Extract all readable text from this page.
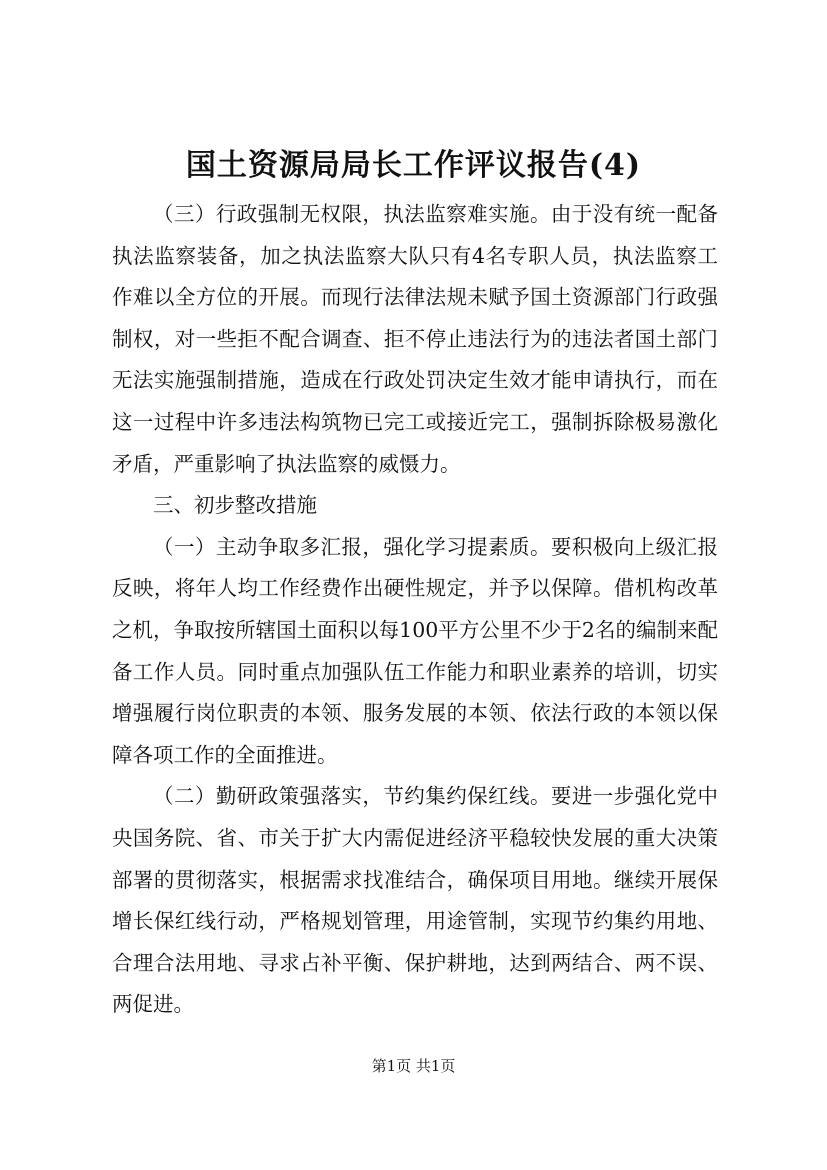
国土资源局局长工作评议报告(4)

（三）行政强制无权限，执法监察难实施。由于没有统一配备执法监察装备，加之执法监察大队只有4名专职人员，执法监察工作难以全方位的开展。而现行法律法规未赋予国土资源部门行政强制权，对一些拒不配合调查、拒不停止违法行为的违法者国土部门无法实施强制措施，造成在行政处罚决定生效才能申请执行，而在这一过程中许多违法构筑物已完工或接近完工，强制拆除极易激化矛盾，严重影响了执法监察的威慑力。

三、初步整改措施

（一）主动争取多汇报，强化学习提素质。要积极向上级汇报反映，将年人均工作经费作出硬性规定，并予以保障。借机构改革之机，争取按所辖国土面积以每100平方公里不少于2名的编制来配备工作人员。同时重点加强队伍工作能力和职业素养的培训，切实增强履行岗位职责的本领、服务发展的本领、依法行政的本领以保障各项工作的全面推进。

（二）勤研政策强落实，节约集约保红线。要进一步强化党中央国务院、省、市关于扩大内需促进经济平稳较快发展的重大决策部署的贯彻落实，根据需求找准结合，确保项目用地。继续开展保增长保红线行动，严格规划管理，用途管制，实现节约集约用地、合理合法用地、寻求占补平衡、保护耕地，达到两结合、两不误、两促进。

第1页 共1页
